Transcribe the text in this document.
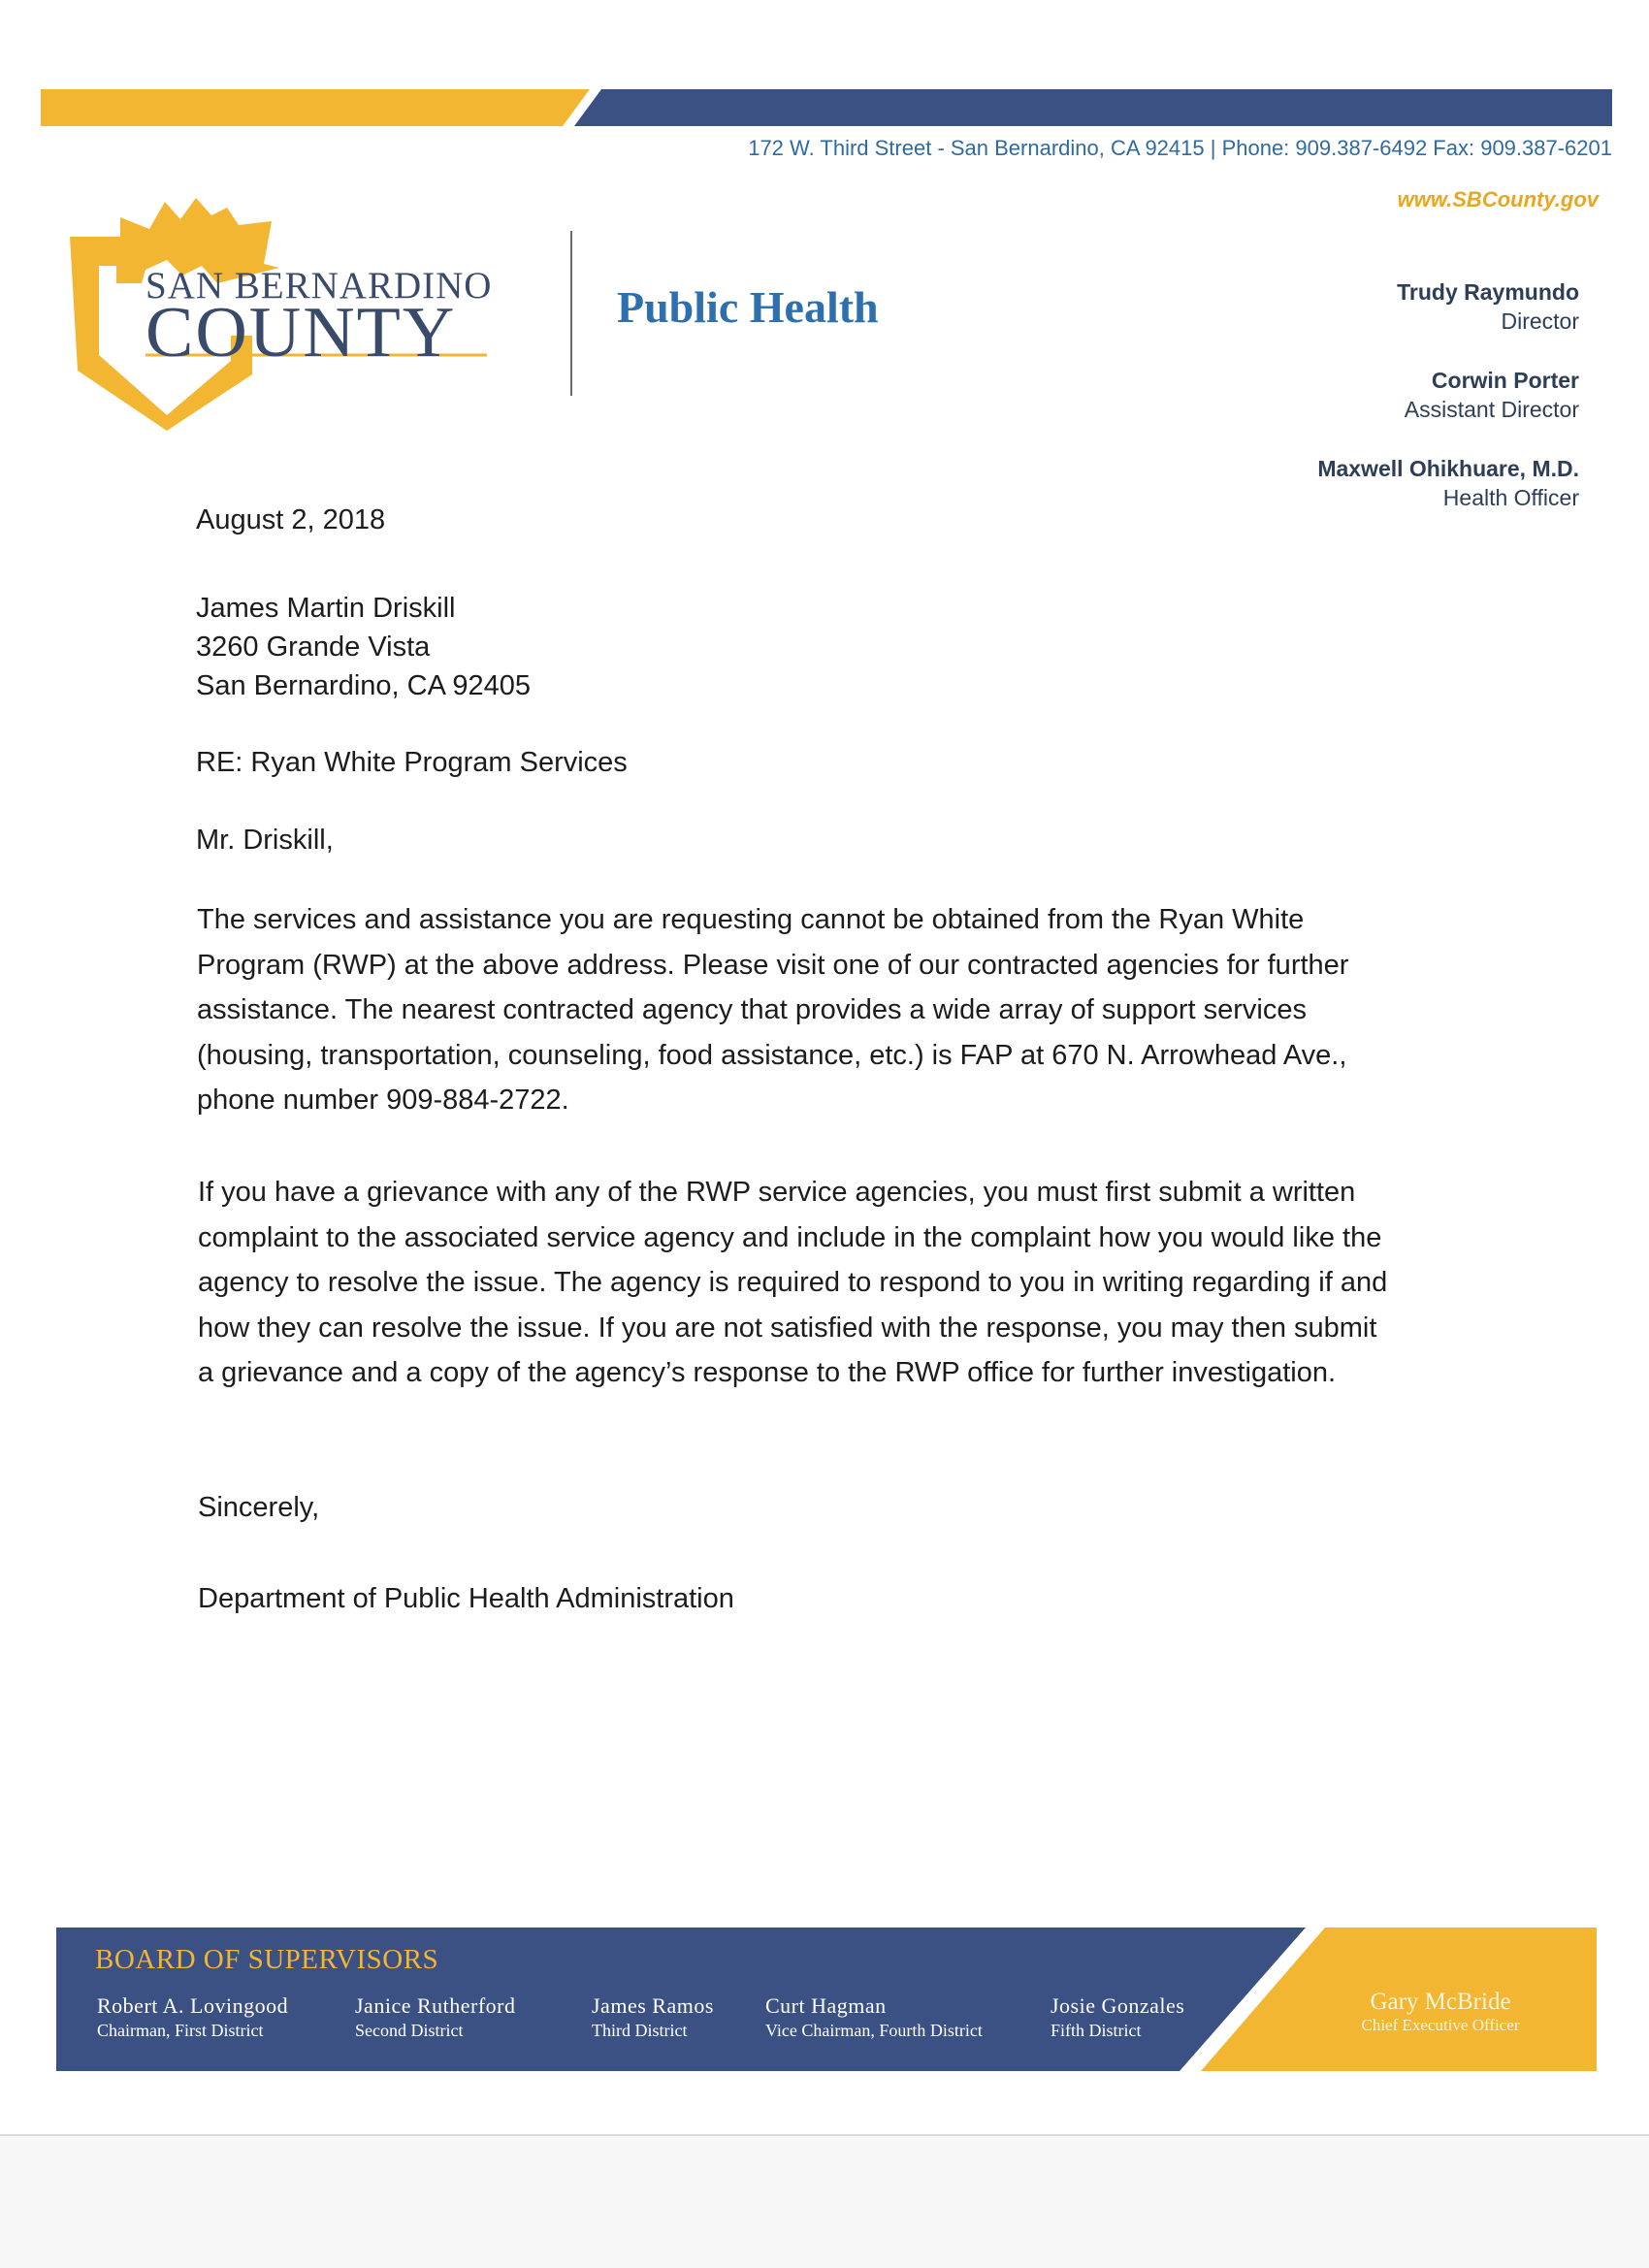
172 W. Third Street - San Bernardino, CA 92415 | Phone: 909.387-6492 Fax: 909.387-6201
www.SBCounty.gov
SAN BERNARDINO
COUNTY	Public Health	Trudy Raymundo
Director
Corwin Porter
Assistant Director
Maxwell Ohikhuare, M.D.
Health Officer
August 2, 2018
James Martin Driskill
3260 Grande Vista
San Bernardino, CA 92405
RE: Ryan White Program Services
Mr. Driskill,
The services and assistance you are requesting cannot be obtained from the Ryan White Program (RWP) at the above address. Please visit one of our contracted agencies for further assistance. The nearest contracted agency that provides a wide array of support services (housing, transportation, counseling, food assistance, etc.) is FAP at 670 N. Arrowhead Ave., phone number 909-884-2722.
If you have a grievance with any of the RWP service agencies, you must first submit a written complaint to the associated service agency and include in the complaint how you would like the agency to resolve the issue. The agency is required to respond to you in writing regarding if and how they can resolve the issue. If you are not satisfied with the response, you may then submit a grievance and a copy of the agency’s response to the RWP office for further investigation.
Sincerely,
Department of Public Health Administration
BOARD OF SUPERVISORS
Robert A. Lovingood
Chairman, First District
Janice Rutherford
Second District
James Ramos
Third District
Curt Hagman
Vice Chairman, Fourth District
Josie Gonzales
Fifth District
Gary McBride
Chief Executive Officer
